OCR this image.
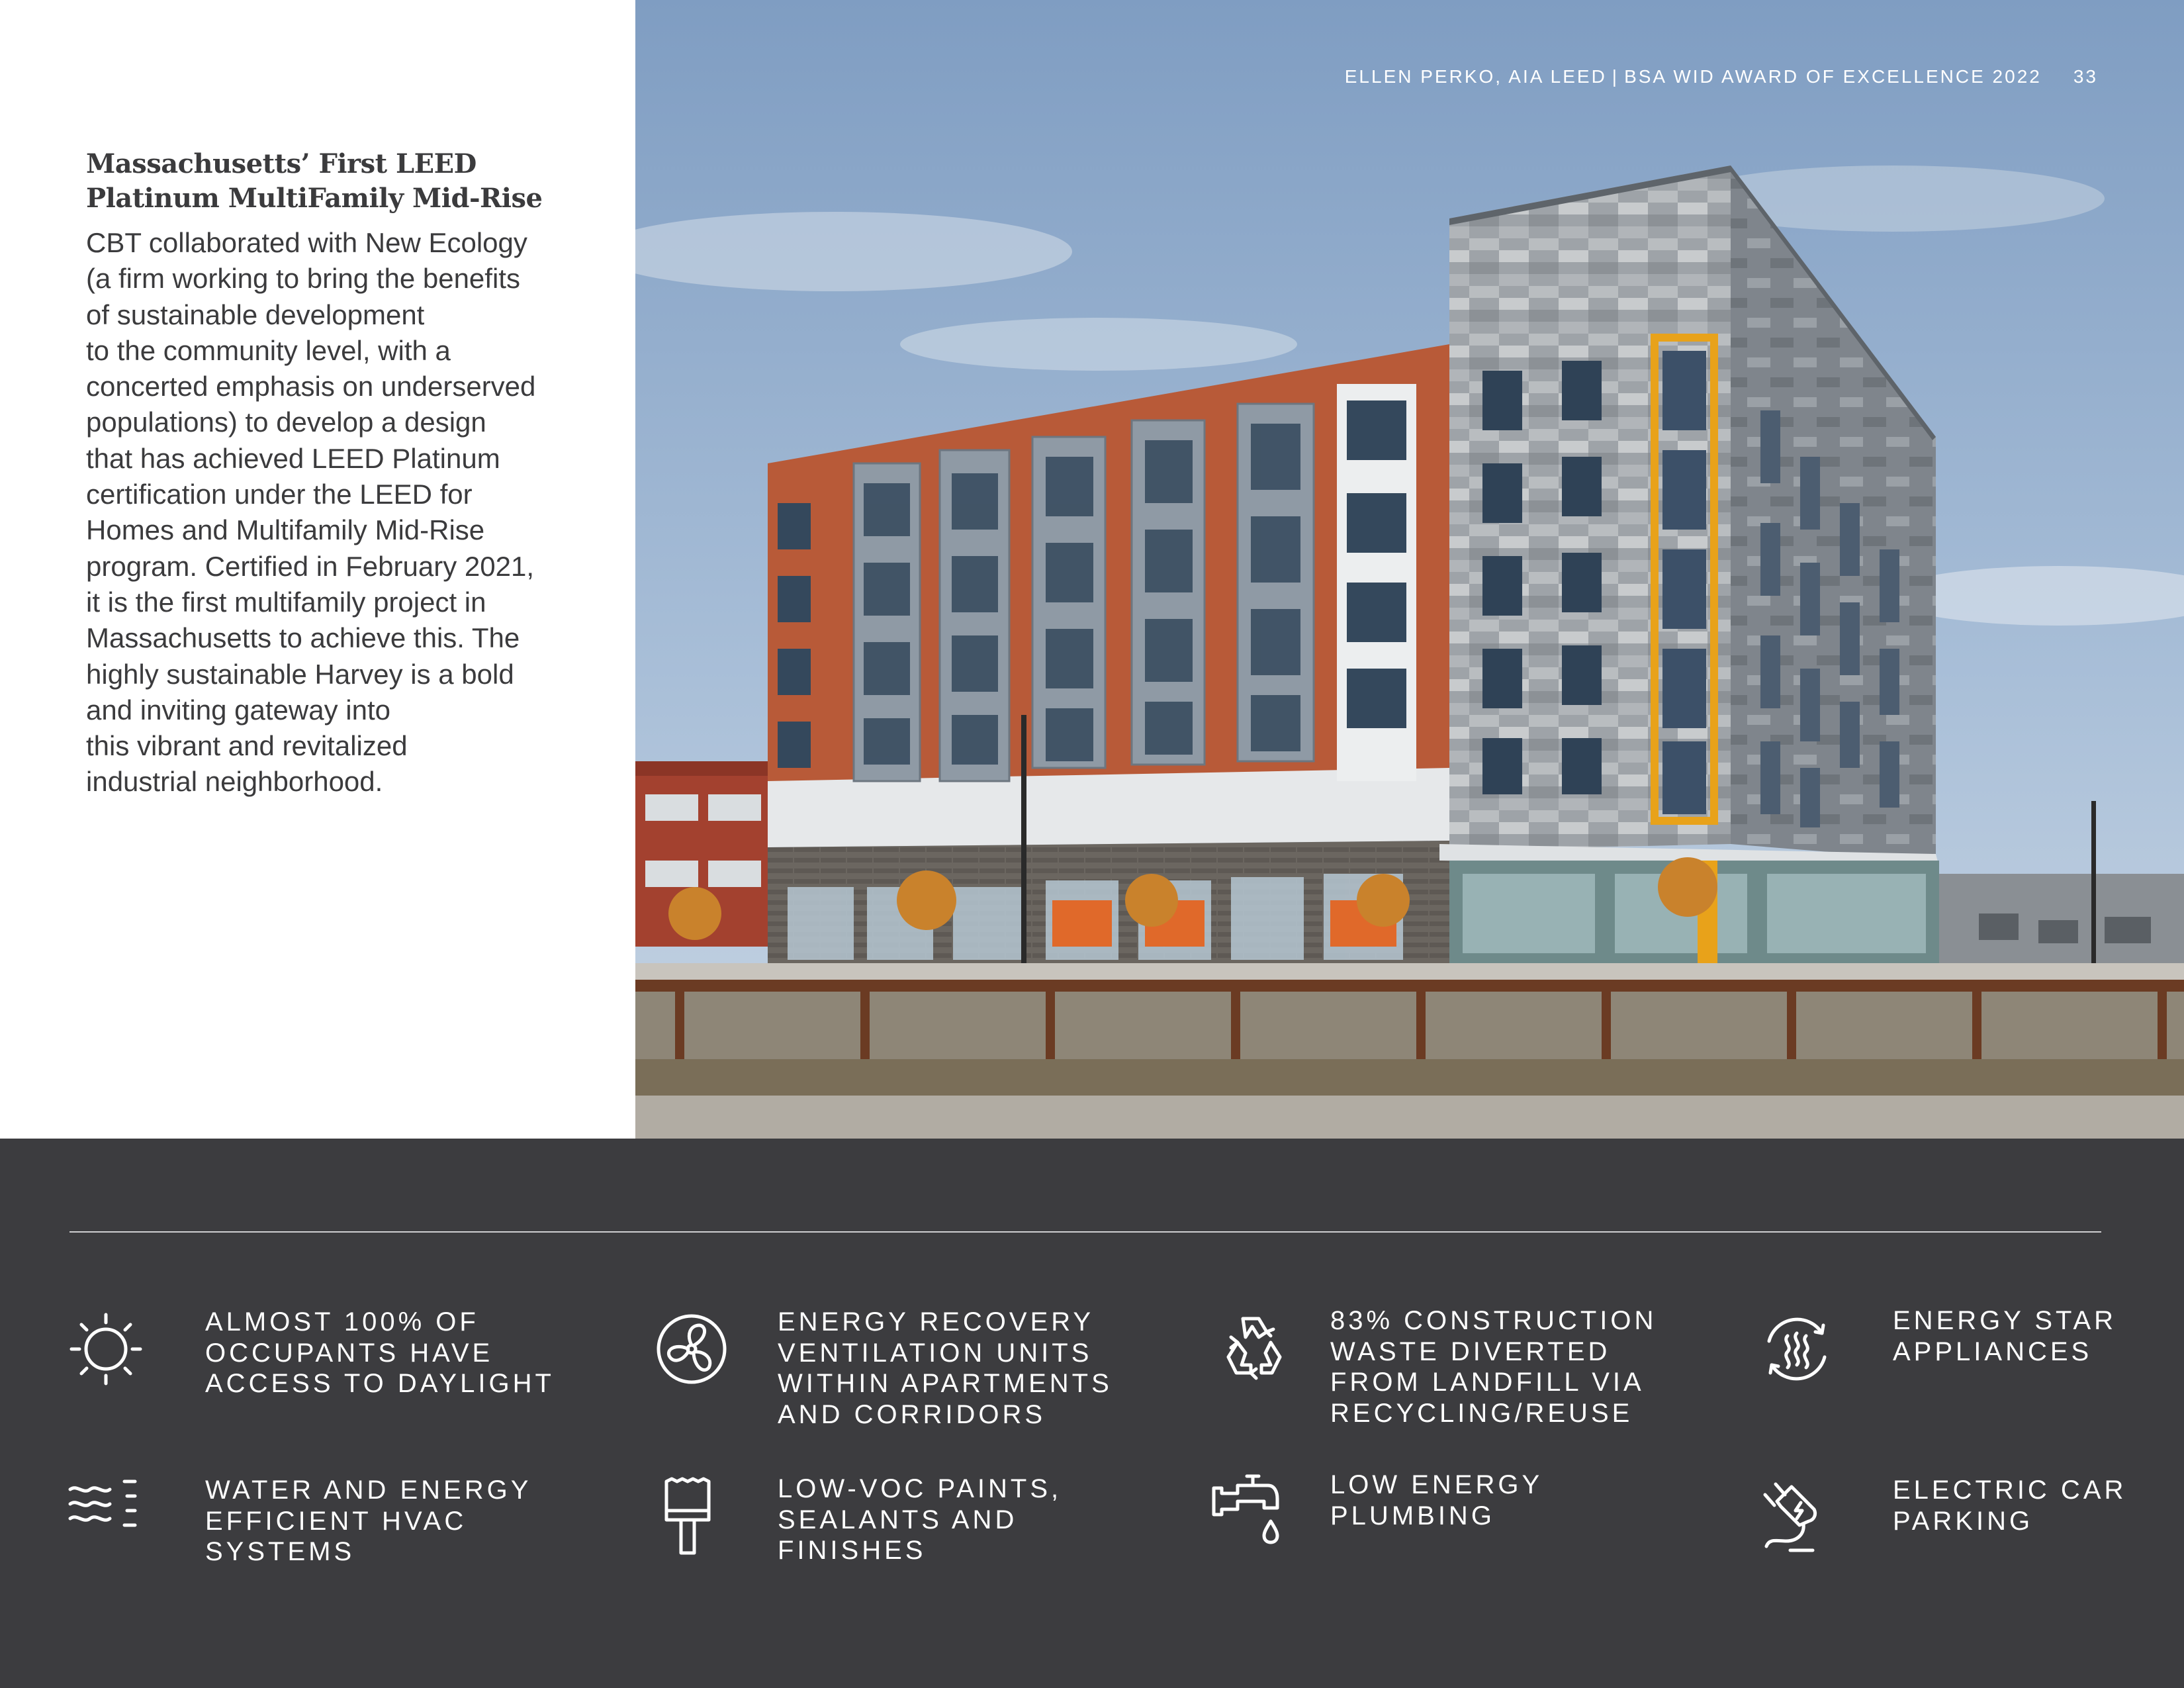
Massachusetts’ First LEED
Platinum MultiFamily Mid-Rise
CBT collaborated with New Ecology
(a firm working to bring the benefits
of sustainable development
to the community level, with a
concerted emphasis on underserved
populations) to develop a design
that has achieved LEED Platinum
certification under the LEED for
Homes and Multifamily Mid-Rise
program. Certified in February 2021,
it is the first multifamily project in
Massachusetts to achieve this. The
highly sustainable Harvey is a bold
and inviting gateway into
this vibrant and revitalized
industrial neighborhood.
ELLEN PERKO, AIA LEED | BSA WID AWARD OF EXCELLENCE 2022 33
ALMOST 100% OF
OCCUPANTS HAVE
ACCESS TO DAYLIGHT
ENERGY RECOVERY
VENTILATION UNITS
WITHIN APARTMENTS
AND CORRIDORS
83% CONSTRUCTION
WASTE DIVERTED
FROM LANDFILL VIA
RECYCLING/REUSE
ENERGY STAR
APPLIANCES
WATER AND ENERGY
EFFICIENT HVAC
SYSTEMS
LOW-VOC PAINTS,
SEALANTS AND
FINISHES
LOW ENERGY
PLUMBING
ELECTRIC CAR
PARKING
